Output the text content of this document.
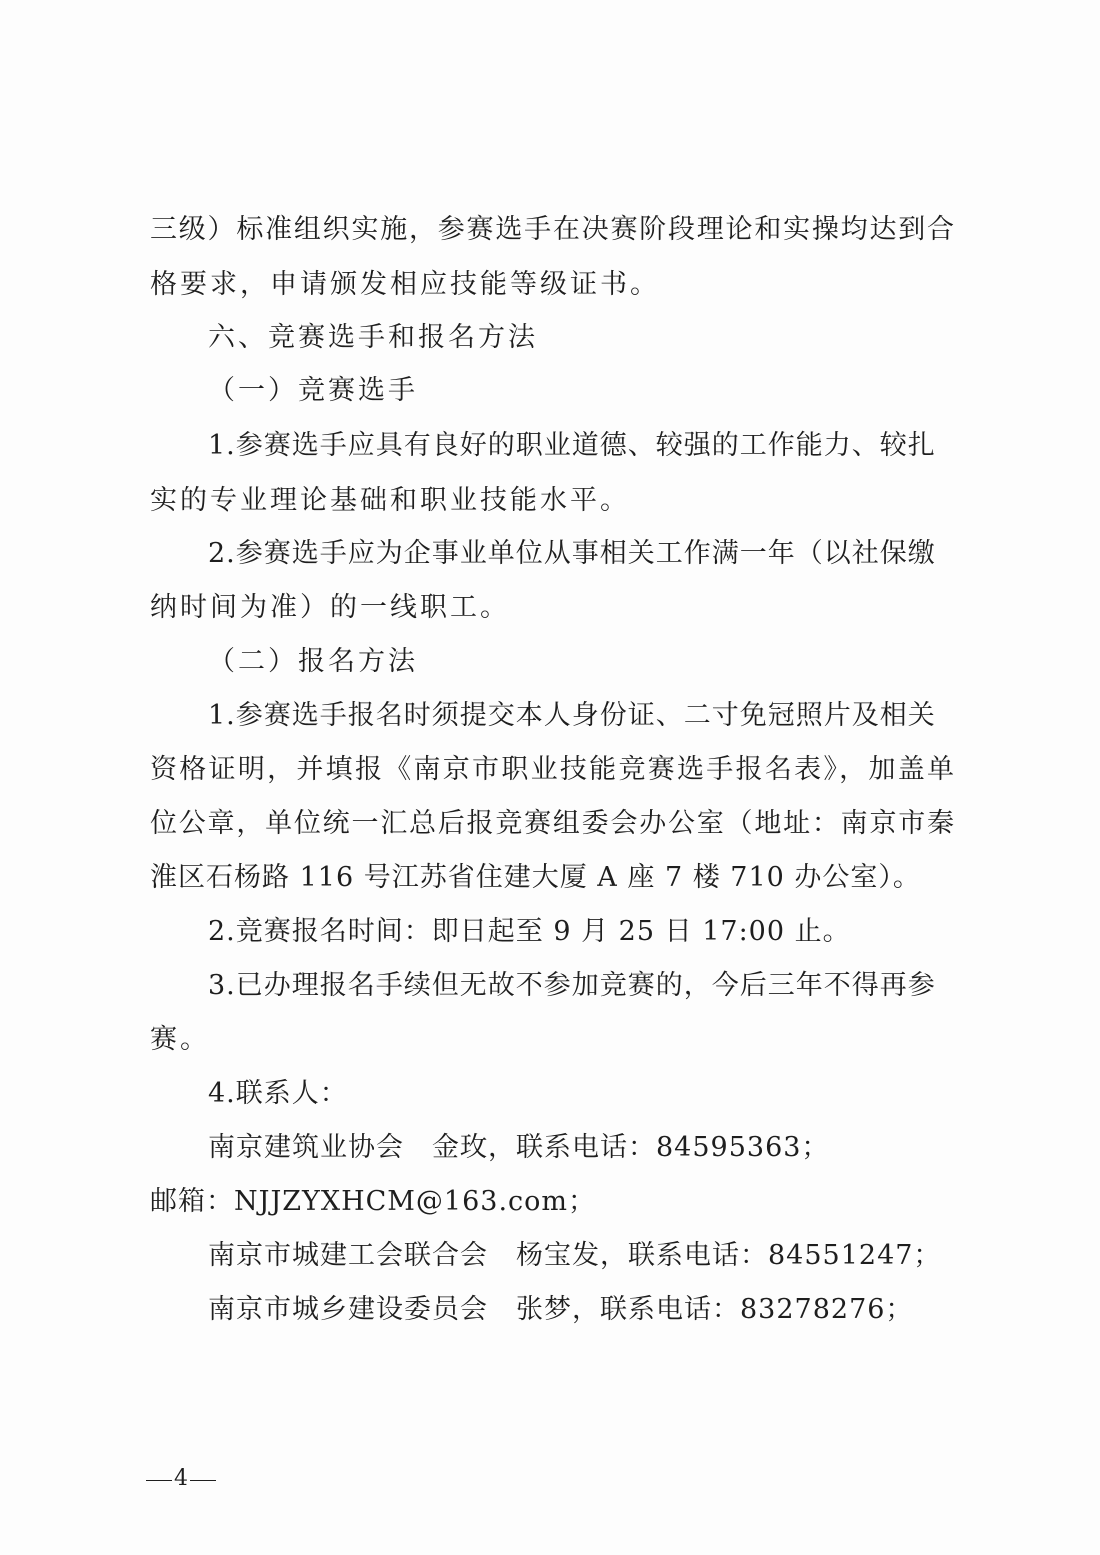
三级）标准组织实施，参赛选手在决赛阶段理论和实操均达到合
格要求，申请颁发相应技能等级证书。
六、竞赛选手和报名方法
（一）竞赛选手
1.参赛选手应具有良好的职业道德、较强的工作能力、较扎
实的专业理论基础和职业技能水平。
2.参赛选手应为企事业单位从事相关工作满一年（以社保缴
纳时间为准）的一线职工。
（二）报名方法
1.参赛选手报名时须提交本人身份证、二寸免冠照片及相关
资格证明，并填报《南京市职业技能竞赛选手报名表》，加盖单
位公章，单位统一汇总后报竞赛组委会办公室（地址：南京市秦
淮区石杨路 116 号江苏省住建大厦 A 座 7 楼 710 办公室）。
2.竞赛报名时间：即日起至 9 月 25 日 17:00 止。
3.已办理报名手续但无故不参加竞赛的，今后三年不得再参
赛。
4.联系人：
南京建筑业协会　金玫，联系电话：84595363；
邮箱：NJJZYXHCM@163.com；
南京市城建工会联合会　杨宝发，联系电话：84551247；
南京市城乡建设委员会　张梦，联系电话：83278276；
4
